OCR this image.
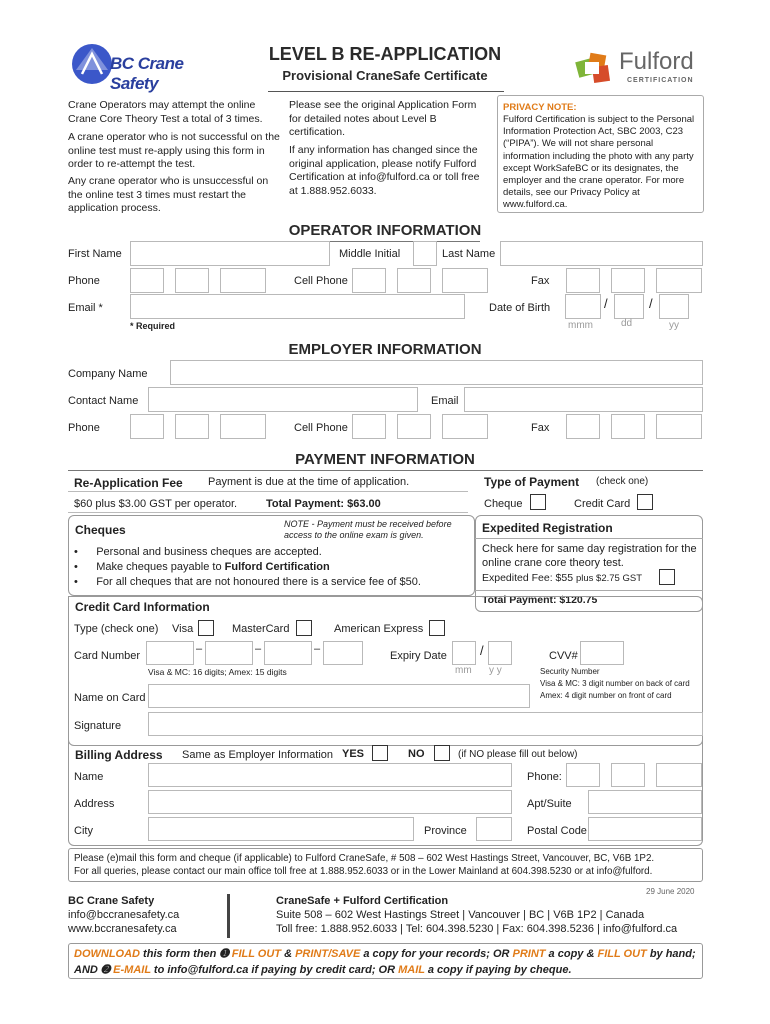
BC Crane Safety
LEVEL B RE-APPLICATION
Provisional CraneSafe Certificate
Fulford
CERTIFICATION
Crane Operators may attempt the online Crane Core Theory Test a total of 3 times.
A crane operator who is not successful on the online test must re-apply using this form in order to re-attempt the test.
Any crane operator who is unsuccessful on the online test 3 times must restart the application process.
Please see the original Application Form for detailed notes about Level B certification.
If any information has changed since the original application, please notify Fulford Certification at info@fulford.ca or toll free at 1.888.952.6033.
PRIVACY NOTE:
Fulford Certification is subject to the Personal Information Protection Act, SBC 2003, C23 (“PIPA”). We will not share personal information including the photo with any party except WorkSafeBC or its designates, the employer and the crane operator. For more details, see our Privacy Policy at www.fulford.ca.
OPERATOR INFORMATION
First Name	Middle Initial	Last Name
Phone	Cell Phone	Fax
Email *	Date of Birth	/	/
* Required	mmm	dd	yy
EMPLOYER INFORMATION
Company Name
Contact Name	Email
Phone	Cell Phone	Fax
PAYMENT INFORMATION
Re-Application Fee Payment is due at the time of application.
$60 plus $3.00 GST per operator.	Total Payment: $63.00
Type of Payment (check one)
Cheque	Credit Card
Cheques	NOTE - Payment must be received before access to the online exam is given.
•      Personal and business cheques are accepted.
•      Make cheques payable to Fulford Certification
•      For all cheques that are not honoured there is a service fee of $50.
Expedited Registration
Check here for same day registration for the online crane core theory test.
Expedited Fee: $55 plus $2.75 GST
Total Payment: $120.75
Credit Card Information
Type (check one) Visa	MasterCard	American Express
Card Number
–	–	–
Visa & MC: 16 digits; Amex: 15 digits
Expiry Date	/
mm y y
CVV#
Security Number
Visa & MC: 3 digit number on back of card
Amex: 4 digit number on front of card
Name on Card
Signature
Billing Address Same as Employer Information YES	NO	(if NO please fill out below)
Name	Phone:
Address	Apt/Suite
City	Province	Postal Code
Please (e)mail this form and cheque (if applicable) to Fulford CraneSafe, # 508 – 602 West Hastings Street, Vancouver, BC, V6B 1P2.
For all queries, please contact our main office toll free at 1.888.952.6033 or in the Lower Mainland at 604.398.5230 or at info@fulford.
29 June 2020
BC Crane Safety
info@bccranesafety.ca
www.bccranesafety.ca
CraneSafe + Fulford Certification
Suite 508 – 602 West Hastings Street | Vancouver | BC | V6B 1P2 | Canada
Toll free: 1.888.952.6033 | Tel: 604.398.5230 | Fax: 604.398.5236 | info@fulford.ca
DOWNLOAD this form then ➊ FILL OUT & PRINT/SAVE a copy for your records; OR PRINT a copy & FILL OUT by hand;
AND ➋ E-MAIL to info@fulford.ca if paying by credit card; OR MAIL a copy if paying by cheque.
